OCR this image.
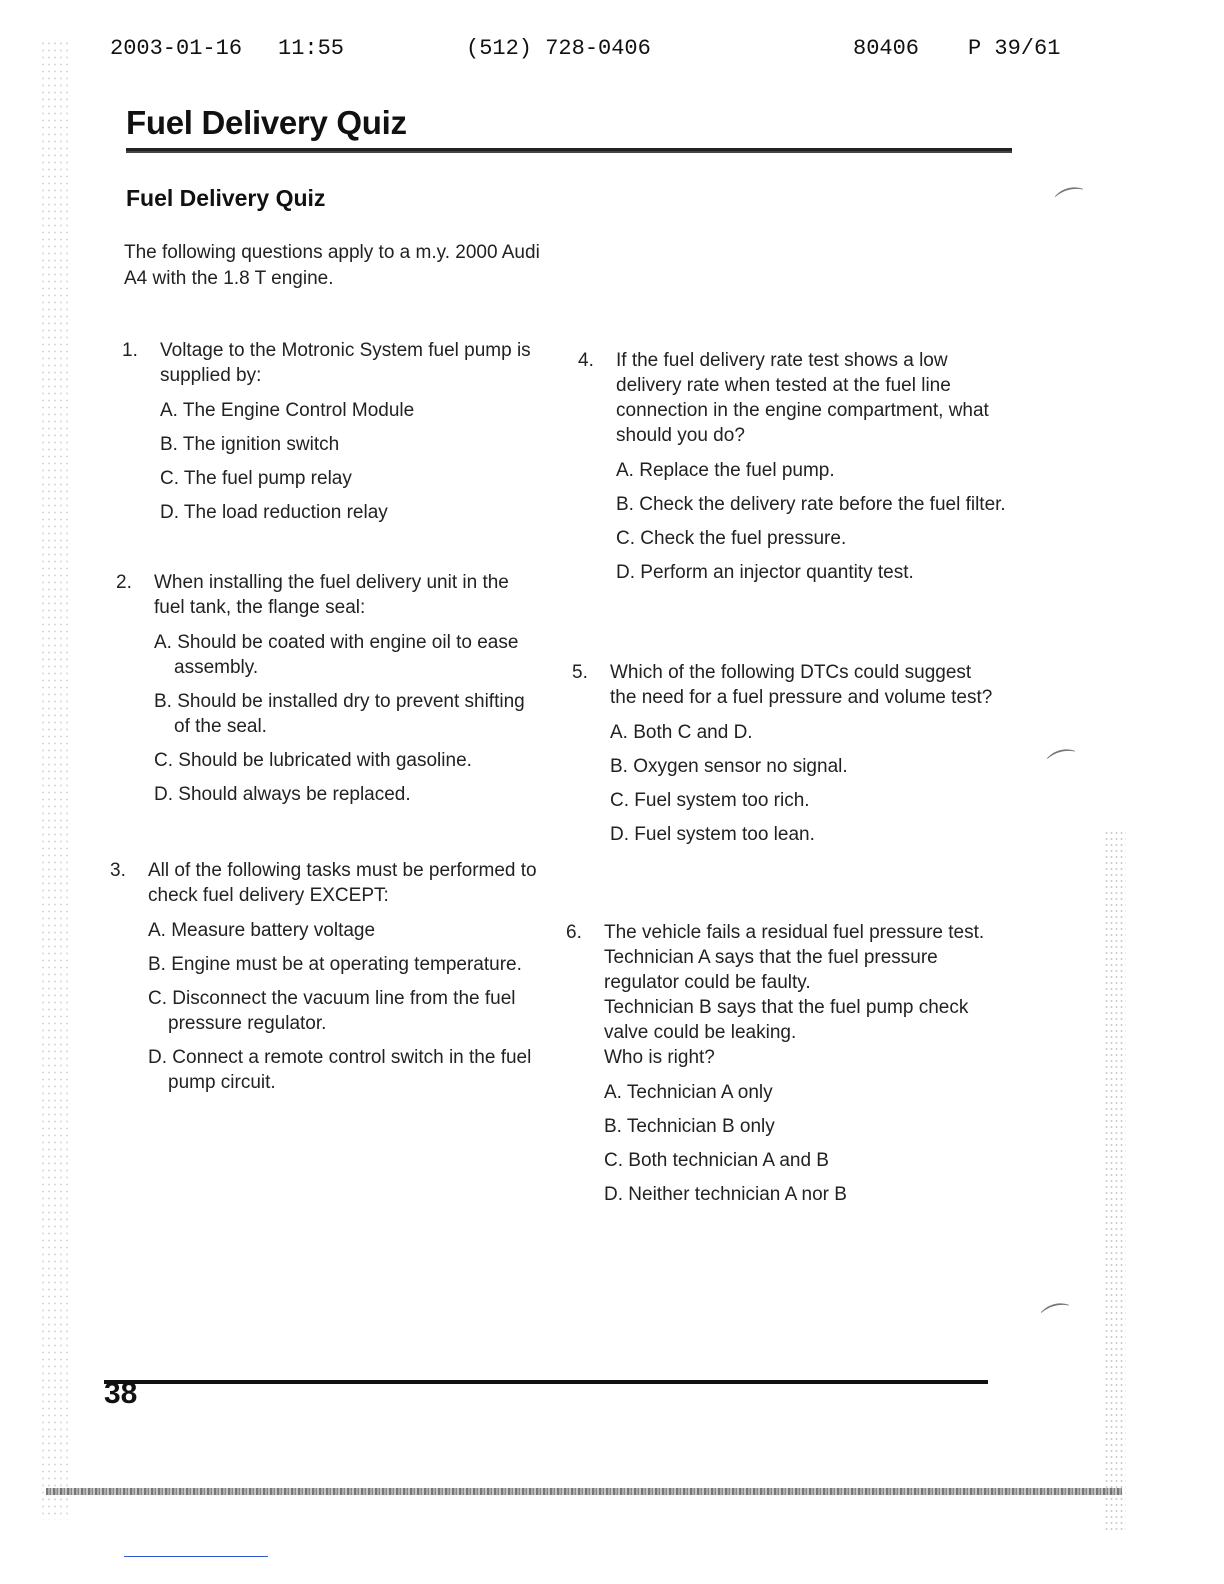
⌒
⌒
⌒
2003-01-16 11:55	(512) 728-0406	80406 P 39/61
Fuel Delivery Quiz
Fuel Delivery Quiz
The following questions apply to a m.y. 2000 Audi A4 with the 1.8 T engine.
1. Voltage to the Motronic System fuel pump is supplied by:
A. The Engine Control Module
B. The ignition switch
C. The fuel pump relay
D. The load reduction relay
2. When installing the fuel delivery unit in the fuel tank, the flange seal:
A. Should be coated with engine oil to ease assembly.
B. Should be installed dry to prevent shifting of the seal.
C. Should be lubricated with gasoline.
D. Should always be replaced.
3. All of the following tasks must be performed to check fuel delivery EXCEPT:
A. Measure battery voltage
B. Engine must be at operating temperature.
C. Disconnect the vacuum line from the fuel pressure regulator.
D. Connect a remote control switch in the fuel pump circuit.
4. If the fuel delivery rate test shows a low delivery rate when tested at the fuel line connection in the engine compartment, what should you do?
A. Replace the fuel pump.
B. Check the delivery rate before the fuel filter.
C. Check the fuel pressure.
D. Perform an injector quantity test.
5. Which of the following DTCs could suggest the need for a fuel pressure and volume test?
A. Both C and D.
B. Oxygen sensor no signal.
C. Fuel system too rich.
D. Fuel system too lean.
6. The vehicle fails a residual fuel pressure test.
Technician A says that the fuel pressure regulator could be faulty.
Technician B says that the fuel pump check valve could be leaking.
Who is right?
A. Technician A only
B. Technician B only
C. Both technician A and B
D. Neither technician A nor B
38
